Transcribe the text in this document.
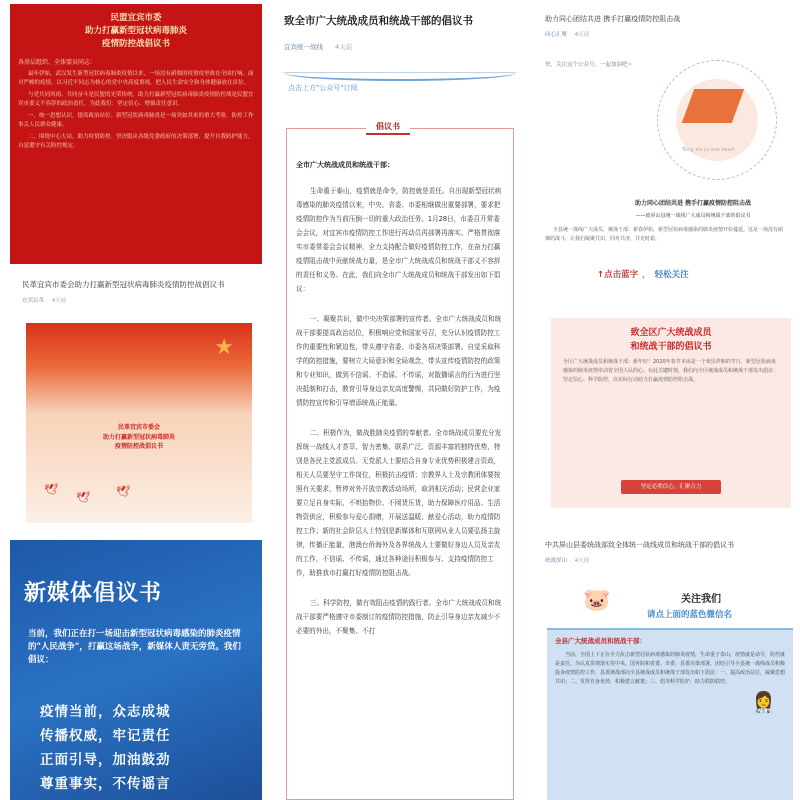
民盟宜宾市委
助力打赢新型冠状病毒肺炎
疫情防控战倡议书
各基层组织、全体盟员同志：
鼠年伊始，武汉发生新型冠状病毒肺炎疫情以来，一场没有硝烟的疫情攻坚战在全国打响。面对严峻的疫情，以习近平同志为核心的党中央高度重视，把人民生命安全和身体健康放在首位。
与党共同风雨、共同奋斗是民盟的光荣传统，助力打赢新型冠状病毒肺炎疫情防控战是民盟宜宾市委义不容辞的政治责任，为此我们：坚定信心、增强责任意识。
一、统一思想认识，提高政治站位。新型冠状病毒肺炎是一场突如其来的重大考验，防控工作事关人民群众健康。
二、围绕中心大局，助力疫情防控。坚决服从各级党委政府的决策部署，提升自我防护能力，自觉遵守有关防控规定。
民革宜宾市委会助力打赢新型冠状病毒肺炎疫情防控战倡议书
宜宾民革 4天前
★
民革宜宾市委会
助力打赢新型冠状病毒肺炎
疫情防控战倡议书
🕊
🕊 🕊
新媒体倡议书
当前，我们正在打一场迎击新型冠状病毒感染的肺炎疫情的"人民战争"，打赢这场战争，新媒体人责无旁贷。我们倡议：
疫情当前，众志成城
传播权威，牢记责任
正面引导，加油鼓劲
尊重事实，不传谣言
致全市广大统战成员和统战干部的倡议书
宜宾统一战线 4天前
点击上方"公众号"订阅
倡议书
全市广大统战成员和统战干部：
生命重于泰山，疫情就是命令，防控就是责任。自出现新型冠状病毒感染的肺炎疫情以来，中央、省委、市委相继做出重要部署，要求把疫情防控作为当前压倒一切的重大政治任务。1月28日，市委召开常委会会议，对宜宾市疫情防控工作进行再动员再部署再落实。严格贯彻落实市委常委会会议精神，全力支持配合做好疫情防控工作，在奋力打赢疫情阻击战中贡献统战力量，是全市广大统战成员和统战干部义不容辞的责任和义务。在此，我们向全市广大统战成员和统战干部发出如下倡议：
一、凝聚共识，做中央决策部署的宣传者。全市广大统战成员和统战干部要提高政治站位，积极响应党和国家号召，充分认识疫情防控工作的重要性和紧迫性，带头遵守省委、市委各项决策部署。自觉采取科学的防控措施，要树立大局意识和全局观念，带头宣传疫情防控的政策和专业知识，做到不信谣、不造谣、不传谣，对散播谣言的行为进行坚决抵制和打击，教育引导身边亲友高度警惕，共同做好防护工作，为疫情防控宣传和引导增添统战正能量。
二、积极作为，做战胜肺炎疫情的奉献者。全市统战成员要充分发挥统一战线人才荟萃、智力密集、联系广泛、资源丰富的独特优势，特别是各民主党派成员、无党派人士要结合自身专业优势积极建言资政，相关人员要坚守工作岗位，积极抗击疫情；宗教界人士及宗教团体要按照有关要求，暂停对外开放宗教活动场所，取消相关活动；民营企业家要立足自身实际，不哄抬物价、不囤货压货，助力保障医疗用品、生活物资供应，积极参与爱心捐赠，开展送温暖、献爱心活动，助力疫情防控工作；新的社会阶层人士特别是新媒体和互联网从业人员要弘扬主旋律，传播正能量，港澳台侨海外及各界统战人士要做好身边人员及亲友的工作，不信谣、不传谣，通过各种途径积极参与、支持疫情防控工作，助推我市打赢打好疫情防控阻击战。
三、科学防控，做有效阻击疫情的践行者。全市广大统战成员和统战干部要严格遵守市委制订的疫情防控措施，防止引导身边亲友减少不必要的外出，不聚集、不打
助力同心团结共进 携手打赢疫情防控阻击战
同心汇聚 4天前
快，关注这个公众号，一起加油吧~
Tong xin ju one heart
助力同心团结共进 携手打赢疫情防控阻击战
——致屏山县统一战线广大成员和统战干部的倡议书
全县统一战线广大成员，统战干部：新春伊始，新型冠状病毒感染的肺炎疫情开始蔓延。这是一场没有硝烟的战斗，让我们凝聚共识，同舟共济，共克时艰。
↑点击蓝字 ， 轻松关注
致全区广大统战成员
和统战干部的倡议书
全区广大统战成员和统战干部：新年好！2020年春节本该是一个欢乐祥和的节日，新型冠状病毒感染的肺炎疫情牵动着全国人民的心。在此关键时刻，我们向全区统战成员和统战干部发出倡议：坚定信心、科学防控，以实际行动助力打赢疫情防控阻击战。
坚定必胜信心，汇聚合力
中共屏山县委统战部致全体统一战线成员和统战干部的倡议书
统战屏山 4天前
🐷	关注我们
请点上面的蓝色微信名
全县广大统战成员和统战干部：
当前，全国上下正在全力抗击新型冠状病毒感染的肺炎疫情，生命重于泰山，疫情就是命令，防控就是责任。为认真贯彻落实党中央、国务院和省委、市委、县委决策部署，团结引导全县统一战线成员积极投身疫情防控工作，县委统战部向全县统战成员和统战干部发出如下倡议：一、提高政治站位，凝聚思想共识；二、发挥自身优势，积极建言献策；三、倡导科学防护，助力联防联控。
👩‍⚕️
